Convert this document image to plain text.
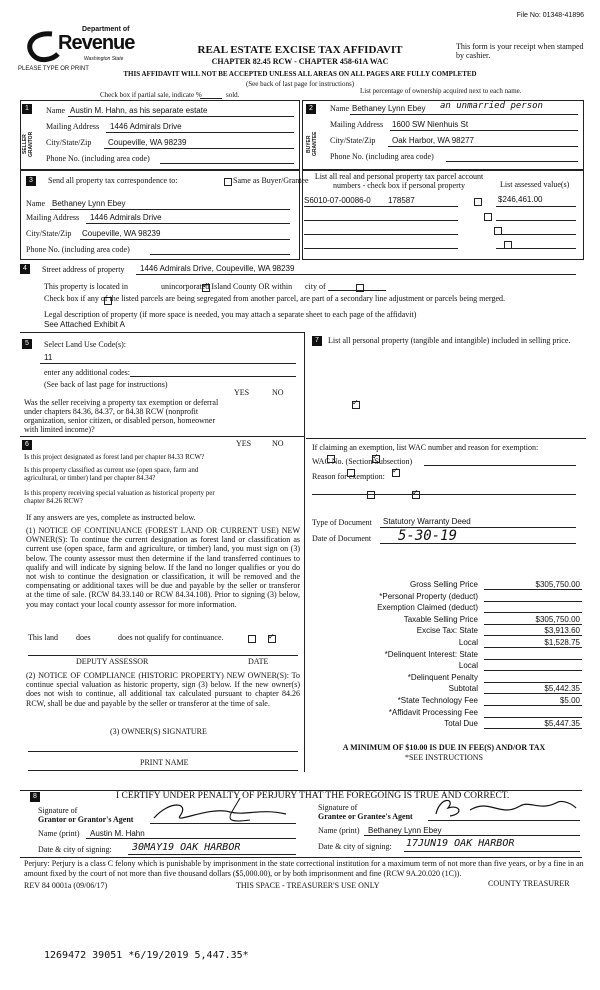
File No: 01348-41896
Department of
Revenue
Washington State
PLEASE TYPE OR PRINT
REAL ESTATE EXCISE TAX AFFIDAVIT
CHAPTER 82.45 RCW - CHAPTER 458-61A WAC
This form is your receipt when stamped by cashier.
THIS AFFIDAVIT WILL NOT BE ACCEPTED UNLESS ALL AREAS ON ALL PAGES ARE FULLY COMPLETED
(See back of last page for instructions)
Check box if partial sale, indicate %	sold.	List percentage of ownership acquired next to each name.
1
SELLER GRANTOR
Name Austin M. Hahn, as his separate estate
Mailing Address 1446 Admirals Drive
City/State/Zip Coupeville, WA 98239
Phone No. (including area code)
2
BUYER GRANTEE
Name Bethaney Lynn Ebey an unmarried person
Mailing Address 1600 SW Nienhuis St
City/State/Zip Oak Harbor, WA 98277
Phone No. (including area code)
3	Send all property tax correspondence to:
	Same as Buyer/Grantee
Name Bethaney Lynn Ebey
Mailing Address 1446 Admirals Drive
City/State/Zip Coupeville, WA 98239
Phone No. (including area code)
List all real and personal property tax parcel account numbers - check box if personal property	List assessed value(s)
S6010-07-00086-0 178587	$246,461.00

4	Street address of property 1446 Admirals Drive, Coupeville, WA 98239
This property is located in ✓	unincorporated Island County OR within
city of

Check box if any of the listed parcels are being segregated from another parcel, are part of a secondary line adjustment or parcels being merged.
Legal description of property (if more space is needed, you may attach a separate sheet to each page of the affidavit)
See Attached Exhibit A
5	Select Land Use Code(s):
11
enter any additional codes:
(See back of last page for instructions)
YES	NO
Was the seller receiving a property tax exemption or deferral under chapters 84.36, 84.37, or 84.38 RCW (nonprofit organization, senior citizen, or disabled person, homeowner with limited income)?
✓
6	YES	NO
Is this project designated as forest land per chapter 84.33 RCW?
✓
Is this property classified as current use (open space, farm and agricultural, or timber) land per chapter 84.34?
✓
Is this property receiving special valuation as historical property per chapter 84.26 RCW?
✓
If any answers are yes, complete as instructed below.
(1) NOTICE OF CONTINUANCE (FOREST LAND OR CURRENT USE) NEW OWNER(S): To continue the current designation as forest land or classification as current use (open space, farm and agriculture, or timber) land, you must sign on (3) below. The county assessor must then determine if the land transferred continues to qualify and will indicate by signing below. If the land no longer qualifies or you do not wish to continue the designation or classification, it will be removed and the compensating or additional taxes will be due and payable by the seller or transferor at the time of sale. (RCW 84.33.140 or RCW 84.34.108). Prior to signing (3) below, you may contact your local county assessor for more information.
This land does ✓	does not qualify for continuance.
DEPUTY ASSESSOR	DATE
(2) NOTICE OF COMPLIANCE (HISTORIC PROPERTY) NEW OWNER(S): To continue special valuation as historic property, sign (3) below. If the new owner(s) does not wish to continue, all additional tax calculated pursuant to chapter 84.26 RCW, shall be due and payable by the seller or transferor at the time of sale.
(3) OWNER(S) SIGNATURE
PRINT NAME
7	List all personal property (tangible and intangible) included in selling price.
If claiming an exemption, list WAC number and reason for exemption:
WAC No. (Section/Subsection)
Reason for exemption:
Type of Document Statutory Warranty Deed
Date of Document 5-30-19
Gross Selling Price	$305,750.00
*Personal Property (deduct)
Exemption Claimed (deduct)
Taxable Selling Price	$305,750.00
Excise Tax: State	$3,913.60
Local	$1,528.75
*Delinquent Interest: State
Local
*Delinquent Penalty
Subtotal	$5,442.35
*State Technology Fee	$5.00
*Affidavit Processing Fee
Total Due	$5,447.35
A MINIMUM OF $10.00 IS DUE IN FEE(S) AND/OR TAX
*SEE INSTRUCTIONS
8	I CERTIFY UNDER PENALTY OF PERJURY THAT THE FOREGOING IS TRUE AND CORRECT.
Signature of
Grantor or Grantor's Agent
Name (print) Austin M. Hahn
Date & city of signing: 30MAY19 OAK HARBOR
Signature of
Grantee or Grantee's Agent
Name (print) Bethaney Lynn Ebey
Date & city of signing: 17JUN19 OAK HARBOR
Perjury: Perjury is a class C felony which is punishable by imprisonment in the state correctional institution for a maximum term of not more than five years, or by a fine in an amount fixed by the court of not more than five thousand dollars ($5,000.00), or by both imprisonment and fine (RCW 9A.20.020 (1C)).
REV 84 0001a (09/06/17)	THIS SPACE - TREASURER'S USE ONLY	COUNTY TREASURER
1269472 39051 *6/19/2019 5,447.35*
